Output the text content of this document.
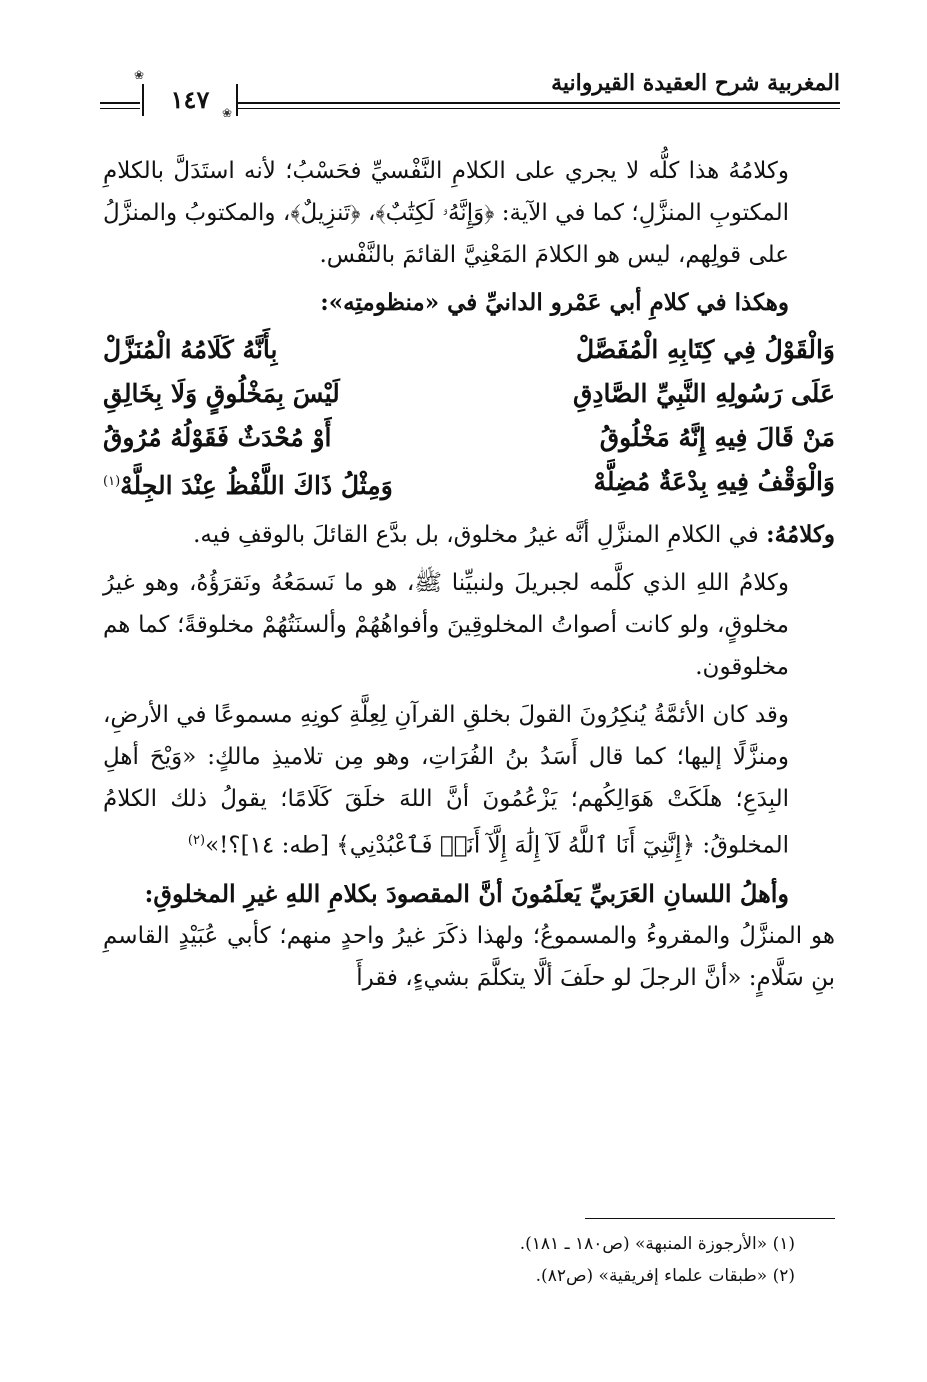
المغربية شرح العقيدة القيروانية
❀
❀
١٤٧

وكلامُهُ هذا كلُّه لا يجري على الكلامِ النَّفْسيِّ فحَسْبُ؛ لأنه استَدَلَّ بالكلامِ المكتوبِ المنزَّلِ؛ كما في الآية: ﴿وَإِنَّهُۥ لَكِتَٰبٌ﴾، ﴿تَنزِيلٌ﴾، والمكتوبُ والمنزَّلُ على قولِهم، ليس هو الكلامَ المَعْنِيَّ القائمَ بالنَّفْس.

وهكذا في كلامِ أبي عَمْرو الدانيِّ في «منظومتِه»:

وَالْقَوْلُ فِي كِتَابِهِ الْمُفَصَّلْ
بِأَنَّهُ كَلَامُهُ الْمُنَزَّلْ
عَلَى رَسُولِهِ النَّبِيِّ الصَّادِقِ
لَيْسَ بِمَخْلُوقٍ وَلَا بِخَالِقِ
مَنْ قَالَ فِيهِ إِنَّهُ مَخْلُوقُ
أَوْ مُحْدَثٌ فَقَوْلُهُ مُرُوقُ
وَالْوَقْفُ فِيهِ بِدْعَةٌ مُضِلَّهْ
وَمِثْلُ ذَاكَ اللَّفْظُ عِنْدَ الجِلَّهْ(١)

وكلامُهُ: في الكلامِ المنزَّلِ أنَّه غيرُ مخلوق، بل بدَّع القائلَ بالوقفِ فيه.

وكلامُ اللهِ الذي كلَّمه لجبريلَ ولنبيِّنا ﷺ، هو ما نَسمَعُهُ ونَقرَؤُهُ، وهو غيرُ مخلوقٍ، ولو كانت أصواتُ المخلوقِينَ وأفواهُهُمْ وألسنَتُهُمْ مخلوقةً؛ كما هم مخلوقون.

وقد كان الأئمَّةُ يُنكِرُونَ القولَ بخلقِ القرآنِ لِعِلَّةِ كونِهِ مسموعًا في الأرضِ، ومنزَّلًا إليها؛ كما قال أَسَدُ بنُ الفُرَاتِ، وهو مِن تلاميذِ مالكٍ: «وَيْحَ أهلِ البِدَعِ؛ هلَكَتْ هَوَالِكُهم؛ يَزْعُمُونَ أنَّ اللهَ خلَقَ كَلَامًا؛ يقولُ ذلك الكلامُ المخلوقُ: ﴿إِنَّنِيٓ أَنَا ٱللَّهُ لَآ إِلَٰهَ إِلَّآ أَنَا۠ فَٱعْبُدْنِي﴾ [طه: ١٤]؟!»$^{(٢)}$

وأهلُ اللسانِ العَرَبيِّ يَعلَمُونَ أنَّ المقصودَ بكلامِ اللهِ غيرِ المخلوقِ:

هو المنزَّلُ والمقروءُ والمسموعُ؛ ولهذا ذكَرَ غيرُ واحدٍ منهم؛ كأبي عُبَيْدٍ القاسمِ بنِ سَلَّامٍ: «أنَّ الرجلَ لو حلَفَ ألَّا يتكلَّمَ بشيءٍ، فقرأَ

(١) «الأرجوزة المنبهة» (ص١٨٠ ـ ١٨١).

(٢) «طبقات علماء إفريقية» (ص٨٢).
